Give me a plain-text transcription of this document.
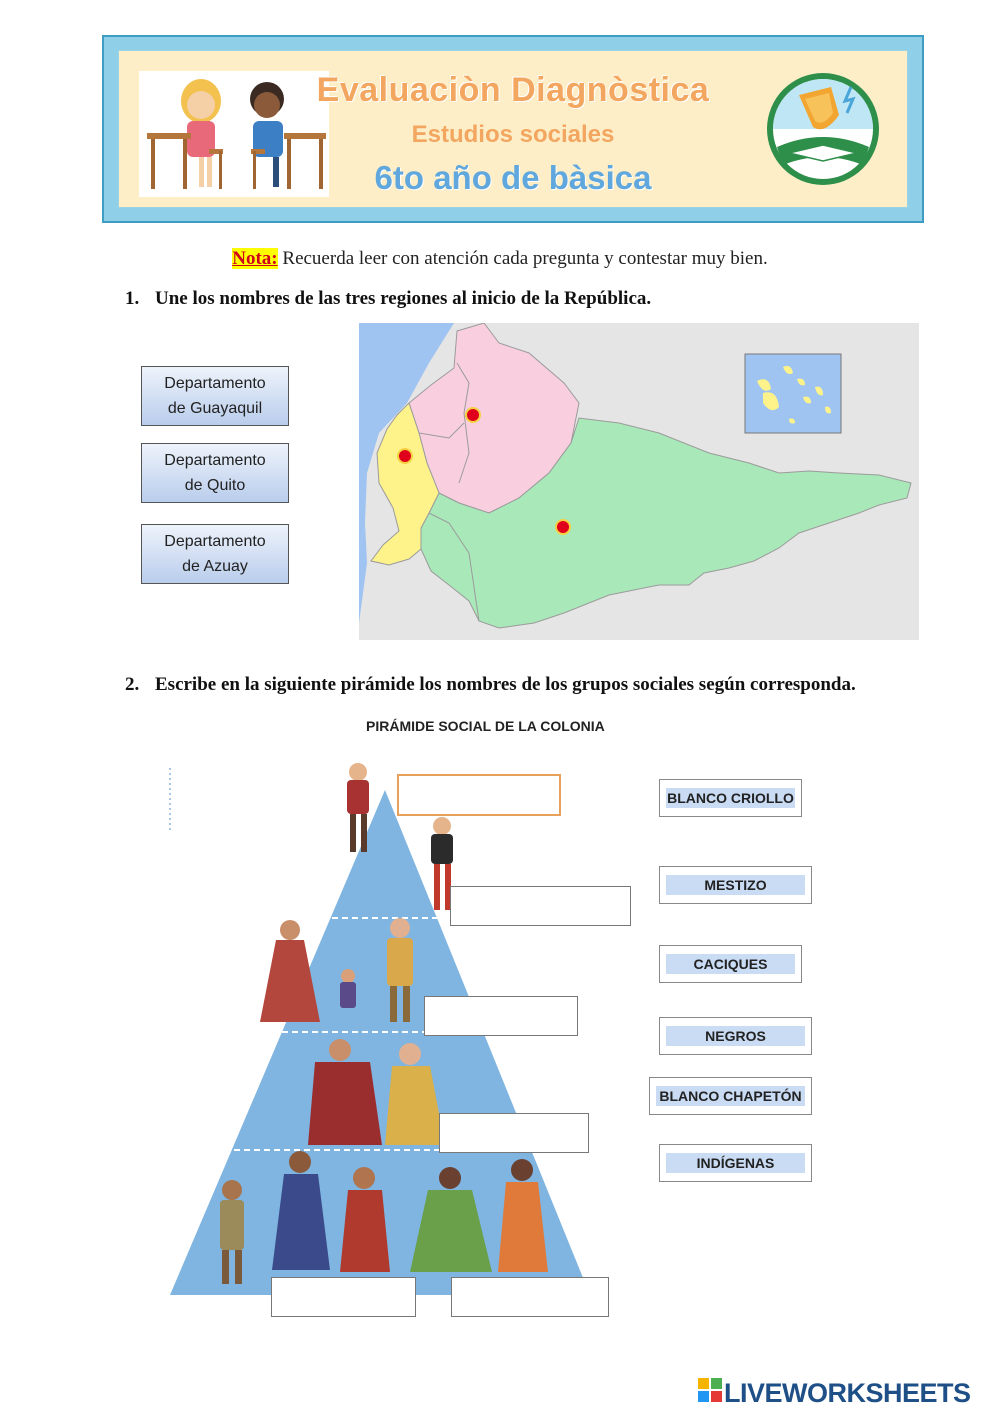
Evaluaciòn Diagnòstica
Estudios sociales
6to año de bàsica
Nota: Recuerda leer con atención cada pregunta y contestar muy bien.
1. Une los nombres de las tres regiones al inicio de la República.
Departamento
de Guayaquil
Departamento
de Quito
Departamento
de Azuay
2. Escribe en la siguiente pirámide los nombres de los grupos sociales según corresponda.
PIRÁMIDE SOCIAL DE LA COLONIA
BLANCO CRIOLLO
MESTIZO
CACIQUES
NEGROS
BLANCO CHAPETÓN
INDÍGENAS
LIVEWORKSHEETS
